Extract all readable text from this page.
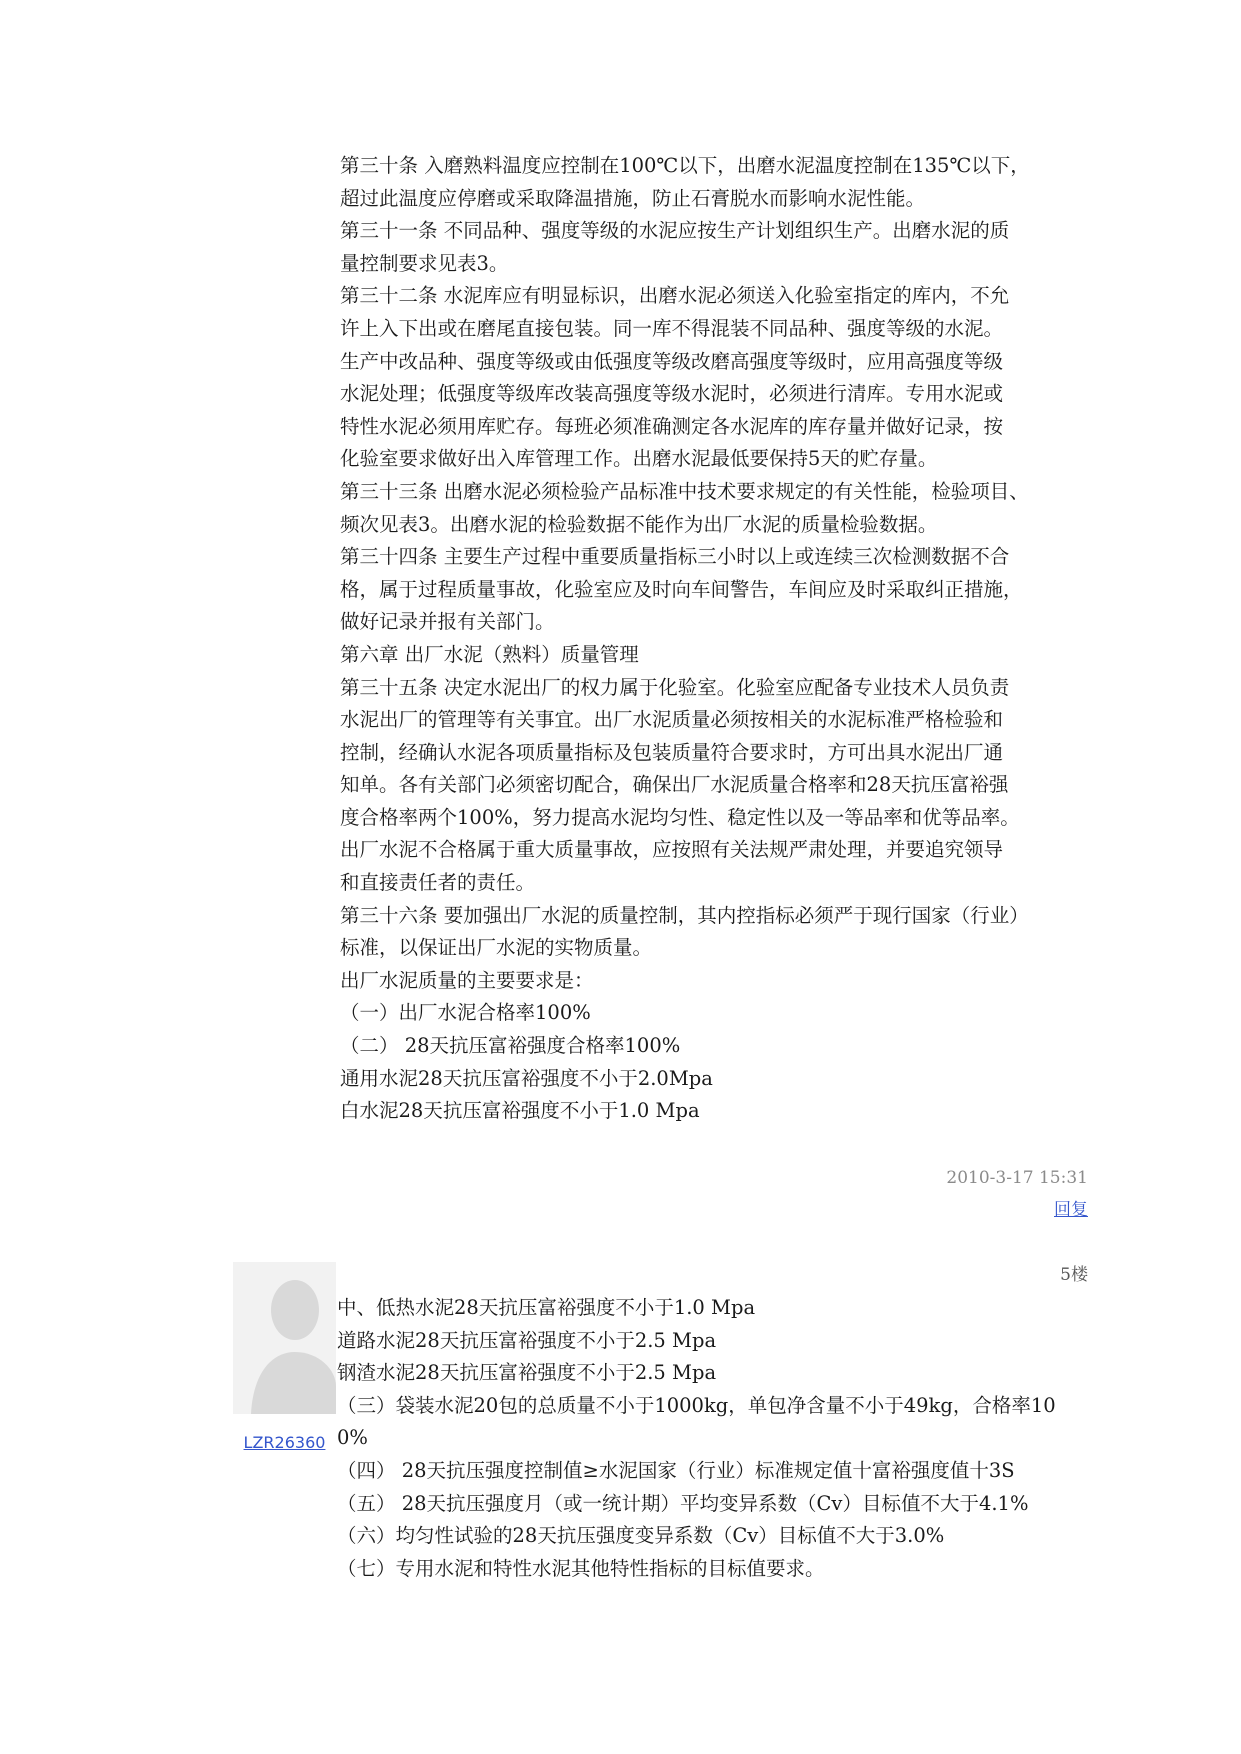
第三十条 入磨熟料温度应控制在100℃以下，出磨水泥温度控制在135℃以下，
超过此温度应停磨或采取降温措施，防止石膏脱水而影响水泥性能。
第三十一条 不同品种、强度等级的水泥应按生产计划组织生产。出磨水泥的质
量控制要求见表3。
第三十二条 水泥库应有明显标识，出磨水泥必须送入化验室指定的库内，不允
许上入下出或在磨尾直接包装。同一库不得混装不同品种、强度等级的水泥。
生产中改品种、强度等级或由低强度等级改磨高强度等级时，应用高强度等级
水泥处理；低强度等级库改装高强度等级水泥时，必须进行清库。专用水泥或
特性水泥必须用库贮存。每班必须准确测定各水泥库的库存量并做好记录，按
化验室要求做好出入库管理工作。出磨水泥最低要保持5天的贮存量。
第三十三条 出磨水泥必须检验产品标准中技术要求规定的有关性能，检验项目、
频次见表3。出磨水泥的检验数据不能作为出厂水泥的质量检验数据。
第三十四条 主要生产过程中重要质量指标三小时以上或连续三次检测数据不合
格，属于过程质量事故，化验室应及时向车间警告，车间应及时采取纠正措施，
做好记录并报有关部门。
第六章 出厂水泥（熟料）质量管理
第三十五条 决定水泥出厂的权力属于化验室。化验室应配备专业技术人员负责
水泥出厂的管理等有关事宜。出厂水泥质量必须按相关的水泥标准严格检验和
控制，经确认水泥各项质量指标及包装质量符合要求时，方可出具水泥出厂通
知单。各有关部门必须密切配合，确保出厂水泥质量合格率和28天抗压富裕强
度合格率两个100%，努力提高水泥均匀性、稳定性以及一等品率和优等品率。
出厂水泥不合格属于重大质量事故，应按照有关法规严肃处理，并要追究领导
和直接责任者的责任。
第三十六条 要加强出厂水泥的质量控制，其内控指标必须严于现行国家（行业）
标准，以保证出厂水泥的实物质量。
出厂水泥质量的主要要求是：
（一）出厂水泥合格率100%
（二） 28天抗压富裕强度合格率100%
通用水泥28天抗压富裕强度不小于2.0Mpa
白水泥28天抗压富裕强度不小于1.0 Mpa
2010-3-17 15:31
回复
5楼
LZR26360
中、低热水泥28天抗压富裕强度不小于1.0 Mpa
道路水泥28天抗压富裕强度不小于2.5 Mpa
钢渣水泥28天抗压富裕强度不小于2.5 Mpa
（三）袋装水泥20包的总质量不小于1000kg，单包净含量不小于49kg，合格率10
0%
（四） 28天抗压强度控制值≥水泥国家（行业）标准规定值十富裕强度值十3S
（五） 28天抗压强度月（或一统计期）平均变异系数（Cv）目标值不大于4.1%
（六）均匀性试验的28天抗压强度变异系数（Cv）目标值不大于3.0%
（七）专用水泥和特性水泥其他特性指标的目标值要求。
